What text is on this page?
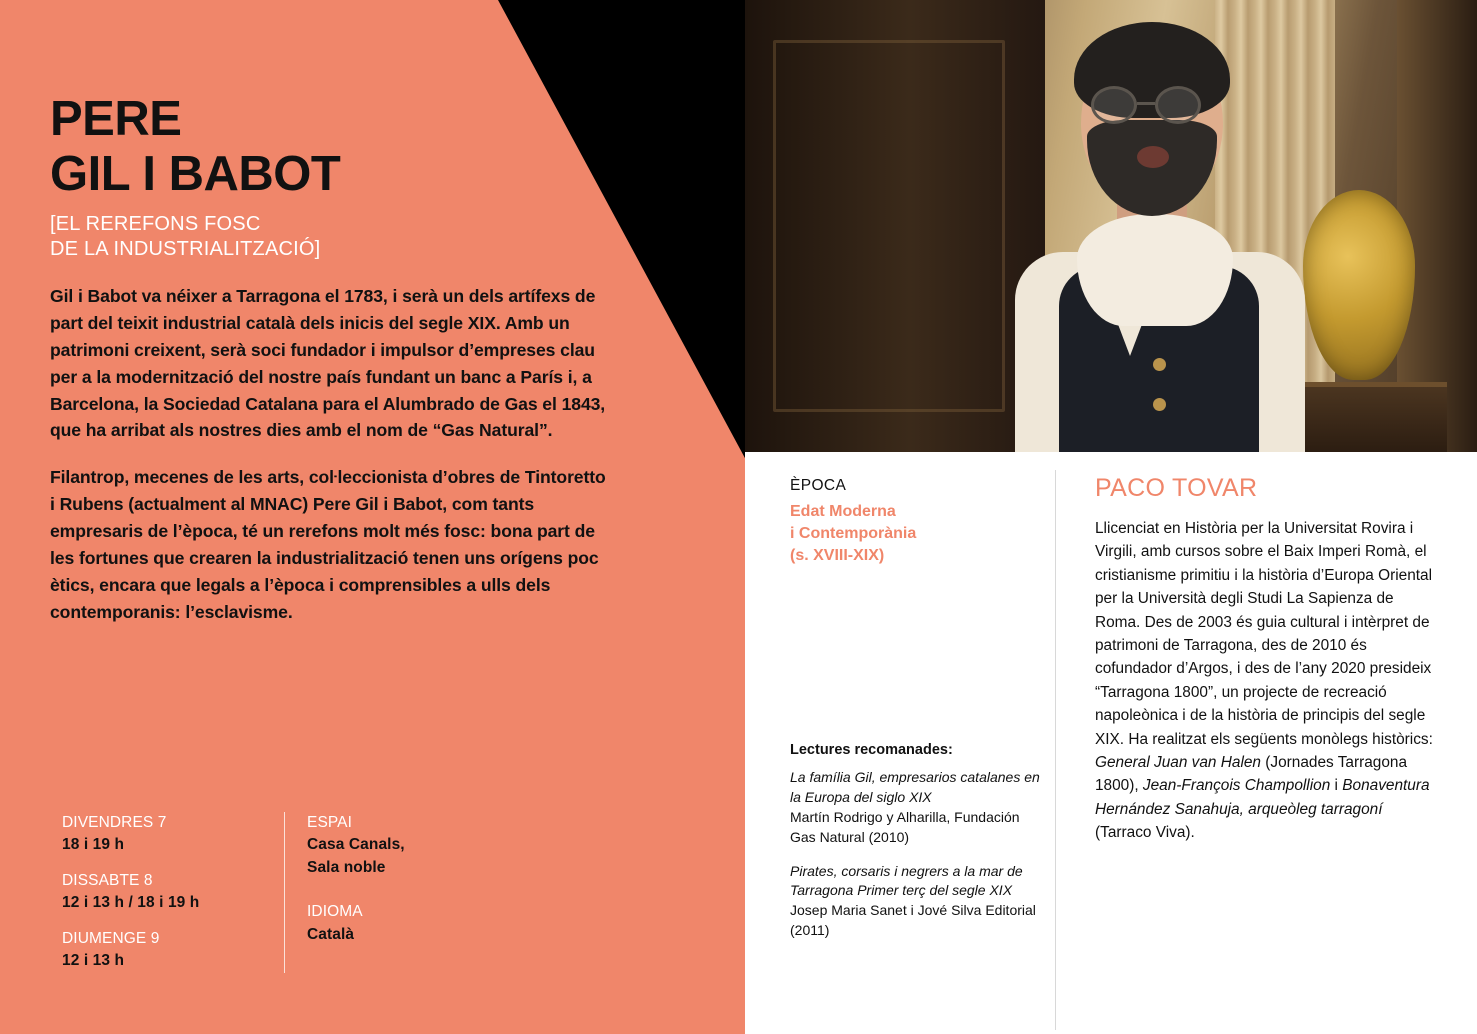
PERE
GIL I BABOT
[EL REREFONS FOSC
DE LA INDUSTRIALITZACIÓ]

Gil i Babot va néixer a Tarragona el 1783, i serà un dels artífexs de part del teixit industrial català dels inicis del segle XIX. Amb un patrimoni creixent, serà soci fundador i impulsor d’empreses clau per a la modernització del nostre país fundant un banc a París i, a Barcelona, la Sociedad Catalana para el Alumbrado de Gas el 1843, que ha arribat als nostres dies amb el nom de “Gas Natural”.

Filantrop, mecenes de les arts, coŀleccionista d’obres de Tintoretto i Rubens (actualment al MNAC) Pere Gil i Babot, com tants empresaris de l’època, té un rerefons molt més fosc: bona part de les fortunes que crearen la industrialització tenen uns orígens poc ètics, encara que legals a l’època i comprensibles a ulls dels contemporanis: l’esclavisme.

DIVENDRES 7
18 i 19 h
DISSABTE 8
12 i 13 h / 18 i 19 h
DIUMENGE 9
12 i 13 h
ESPAI
Casa Canals,
Sala noble
IDIOMA
Català
ÈPOCA
Edat Moderna
i Contemporània
(s. XVIII-XIX)
Lectures recomanades:
La família Gil, empresarios catalanes en la Europa del siglo XIX
Martín Rodrigo y Alharilla, Fundación Gas Natural (2010)
Pirates, corsaris i negrers a la mar de Tarragona Primer terç del segle XIX
Josep Maria Sanet i Jové Silva Editorial (2011)
PACO TOVAR
Llicenciat en Història per la Universitat Rovira i Virgili, amb cursos sobre el Baix Imperi Romà, el cristianisme primitiu i la història d’Europa Oriental per la Università degli Studi La Sapienza de Roma. Des de 2003 és guia cultural i intèrpret de patrimoni de Tarragona, des de 2010 és cofundador d’Argos, i des de l’any 2020 presideix “Tarragona 1800”, un projecte de recreació napoleònica i de la història de principis del segle XIX. Ha realitzat els següents monòlegs històrics: General Juan van Halen (Jornades Tarragona 1800), Jean-François Champollion i Bonaventura Hernández Sanahuja, arqueòleg tarragoní (Tarraco Viva).
